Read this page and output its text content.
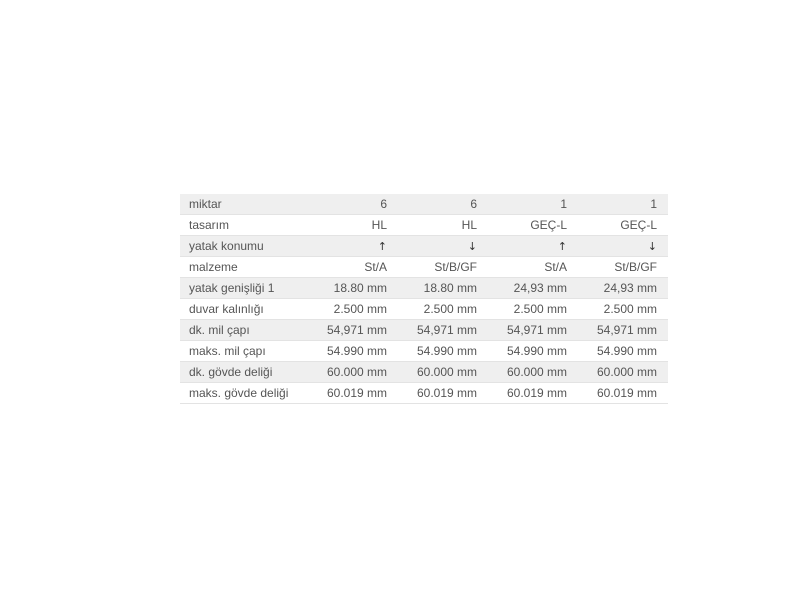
miktar	6	6	1	1
tasarım	HL	HL	GEÇ-L	GEÇ-L
yatak konumu	↑	↓	↑	↓
malzeme	St/A	St/B/GF	St/A	St/B/GF
yatak genişliği 1	18.80 mm	18.80 mm	24,93 mm	24,93 mm
duvar kalınlığı	2.500 mm	2.500 mm	2.500 mm	2.500 mm
dk. mil çapı	54,971 mm	54,971 mm	54,971 mm	54,971 mm
maks. mil çapı	54.990 mm	54.990 mm	54.990 mm	54.990 mm
dk. gövde deliği	60.000 mm	60.000 mm	60.000 mm	60.000 mm
maks. gövde deliği	60.019 mm	60.019 mm	60.019 mm	60.019 mm
